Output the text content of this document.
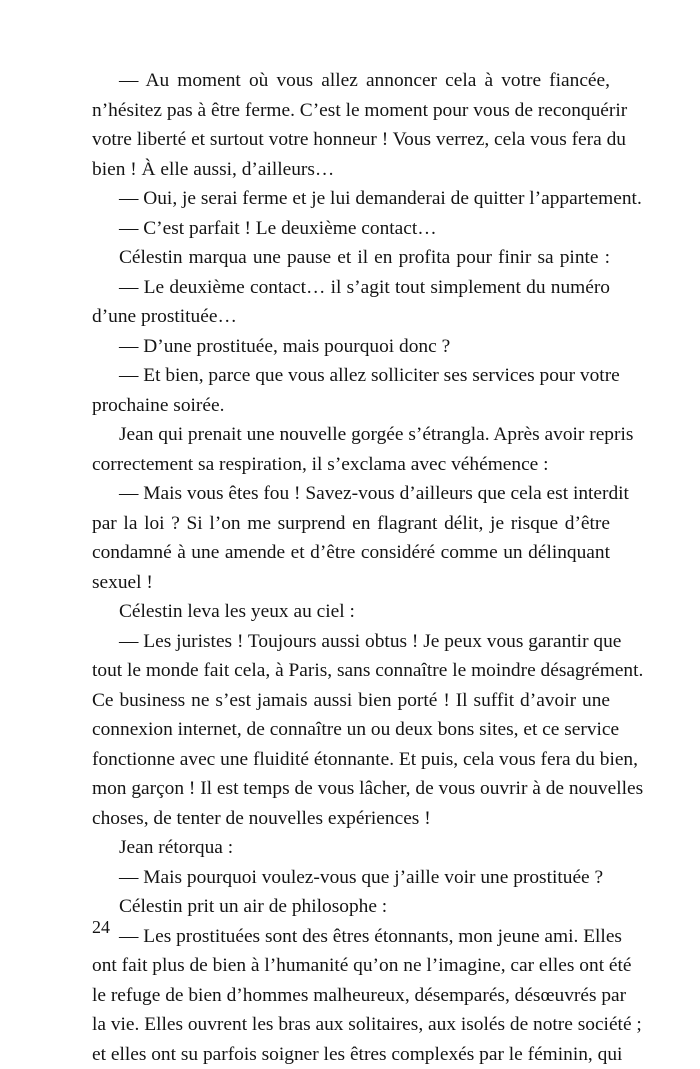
— Au moment où vous allez annoncer cela à votre fiancée,
n’hésitez pas à être ferme. C’est le moment pour vous de reconquérir
votre liberté et surtout votre honneur ! Vous verrez, cela vous fera du
bien ! À elle aussi, d’ailleurs…
— Oui, je serai ferme et je lui demanderai de quitter l’appartement.
— C’est parfait ! Le deuxième contact…
Célestin marqua une pause et il en profita pour finir sa pinte :
— Le deuxième contact… il s’agit tout simplement du numéro
d’une prostituée…
— D’une prostituée, mais pourquoi donc ?
— Et bien, parce que vous allez solliciter ses services pour votre
prochaine soirée.
Jean qui prenait une nouvelle gorgée s’étrangla. Après avoir repris
correctement sa respiration, il s’exclama avec véhémence :
— Mais vous êtes fou ! Savez-vous d’ailleurs que cela est interdit
par la loi ? Si l’on me surprend en flagrant délit, je risque d’être
condamné à une amende et d’être considéré comme un délinquant
sexuel !
Célestin leva les yeux au ciel :
— Les juristes ! Toujours aussi obtus ! Je peux vous garantir que
tout le monde fait cela, à Paris, sans connaître le moindre désagrément.
Ce business ne s’est jamais aussi bien porté ! Il suffit d’avoir une
connexion internet, de connaître un ou deux bons sites, et ce service
fonctionne avec une fluidité étonnante. Et puis, cela vous fera du bien,
mon garçon ! Il est temps de vous lâcher, de vous ouvrir à de nouvelles
choses, de tenter de nouvelles expériences !
Jean rétorqua :
— Mais pourquoi voulez-vous que j’aille voir une prostituée ?
Célestin prit un air de philosophe :
— Les prostituées sont des êtres étonnants, mon jeune ami. Elles
ont fait plus de bien à l’humanité qu’on ne l’imagine, car elles ont été
le refuge de bien d’hommes malheureux, désemparés, désœuvrés par
la vie. Elles ouvrent les bras aux solitaires, aux isolés de notre société ;
et elles ont su parfois soigner les êtres complexés par le féminin, qui
24
